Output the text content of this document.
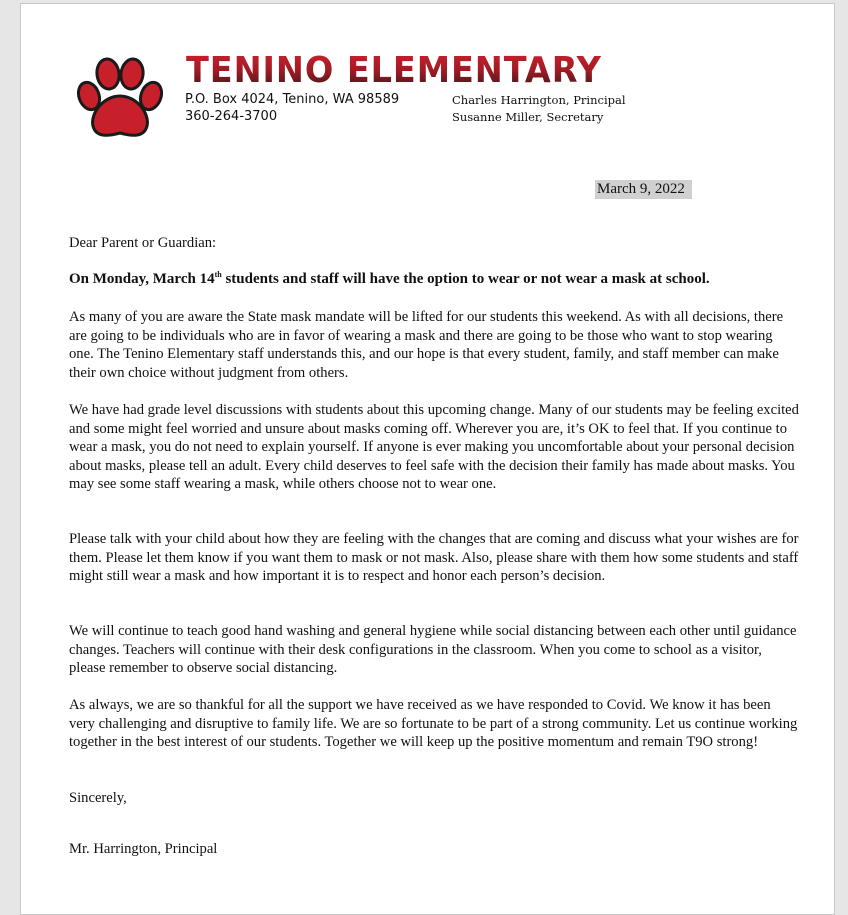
TENINO ELEMENTARY
P.O. Box 4024, Tenino, WA 98589
360-264-3700
Charles Harrington, Principal
Susanne Miller, Secretary
March 9, 2022
Dear Parent or Guardian:
On Monday, March 14th students and staff will have the option to wear or not wear a mask at school.
As many of you are aware the State mask mandate will be lifted for our students this weekend. As with all decisions, there are going to be individuals who are in favor of wearing a mask and there are going to be those who want to stop wearing one. The Tenino Elementary staff understands this, and our hope is that every student, family, and staff member can make their own choice without judgment from others.
We have had grade level discussions with students about this upcoming change. Many of our students may be feeling excited and some might feel worried and unsure about masks coming off. Wherever you are, it’s OK to feel that. If you continue to wear a mask, you do not need to explain yourself. If anyone is ever making you uncomfortable about your personal decision about masks, please tell an adult. Every child deserves to feel safe with the decision their family has made about masks. You may see some staff wearing a mask, while others choose not to wear one.
Please talk with your child about how they are feeling with the changes that are coming and discuss what your wishes are for them. Please let them know if you want them to mask or not mask. Also, please share with them how some students and staff might still wear a mask and how important it is to respect and honor each person’s decision.
We will continue to teach good hand washing and general hygiene while social distancing between each other until guidance changes. Teachers will continue with their desk configurations in the classroom. When you come to school as a visitor, please remember to observe social distancing.
As always, we are so thankful for all the support we have received as we have responded to Covid. We know it has been very challenging and disruptive to family life. We are so fortunate to be part of a strong community. Let us continue working together in the best interest of our students. Together we will keep up the positive momentum and remain T9O strong!
Sincerely,
Mr. Harrington, Principal
